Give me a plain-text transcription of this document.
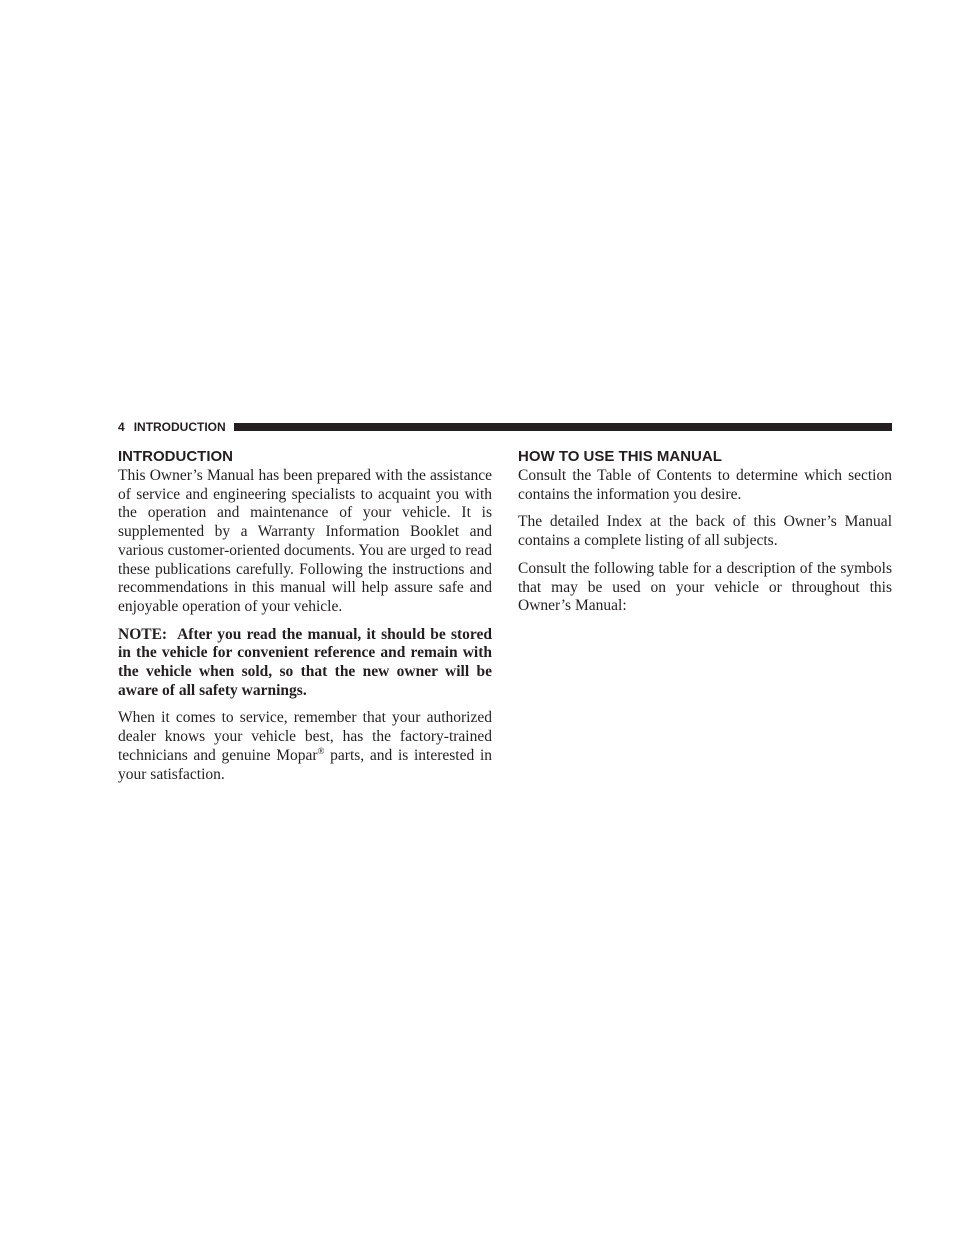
4 INTRODUCTION
INTRODUCTION

This Owner’s Manual has been prepared with the assistance of service and engineering specialists to acquaint you with the operation and maintenance of your vehicle. It is supplemented by a Warranty Information Booklet and various customer-oriented documents. You are urged to read these publications carefully. Following the instructions and recommendations in this manual will help assure safe and enjoyable operation of your vehicle.

NOTE: After you read the manual, it should be stored in the vehicle for convenient reference and remain with the vehicle when sold, so that the new owner will be aware of all safety warnings.

When it comes to service, remember that your authorized dealer knows your vehicle best, has the factory-trained technicians and genuine Mopar® parts, and is interested in your satisfaction.

HOW TO USE THIS MANUAL

Consult the Table of Contents to determine which section contains the information you desire.

The detailed Index at the back of this Owner’s Manual contains a complete listing of all subjects.

Consult the following table for a description of the symbols that may be used on your vehicle or throughout this Owner’s Manual:
